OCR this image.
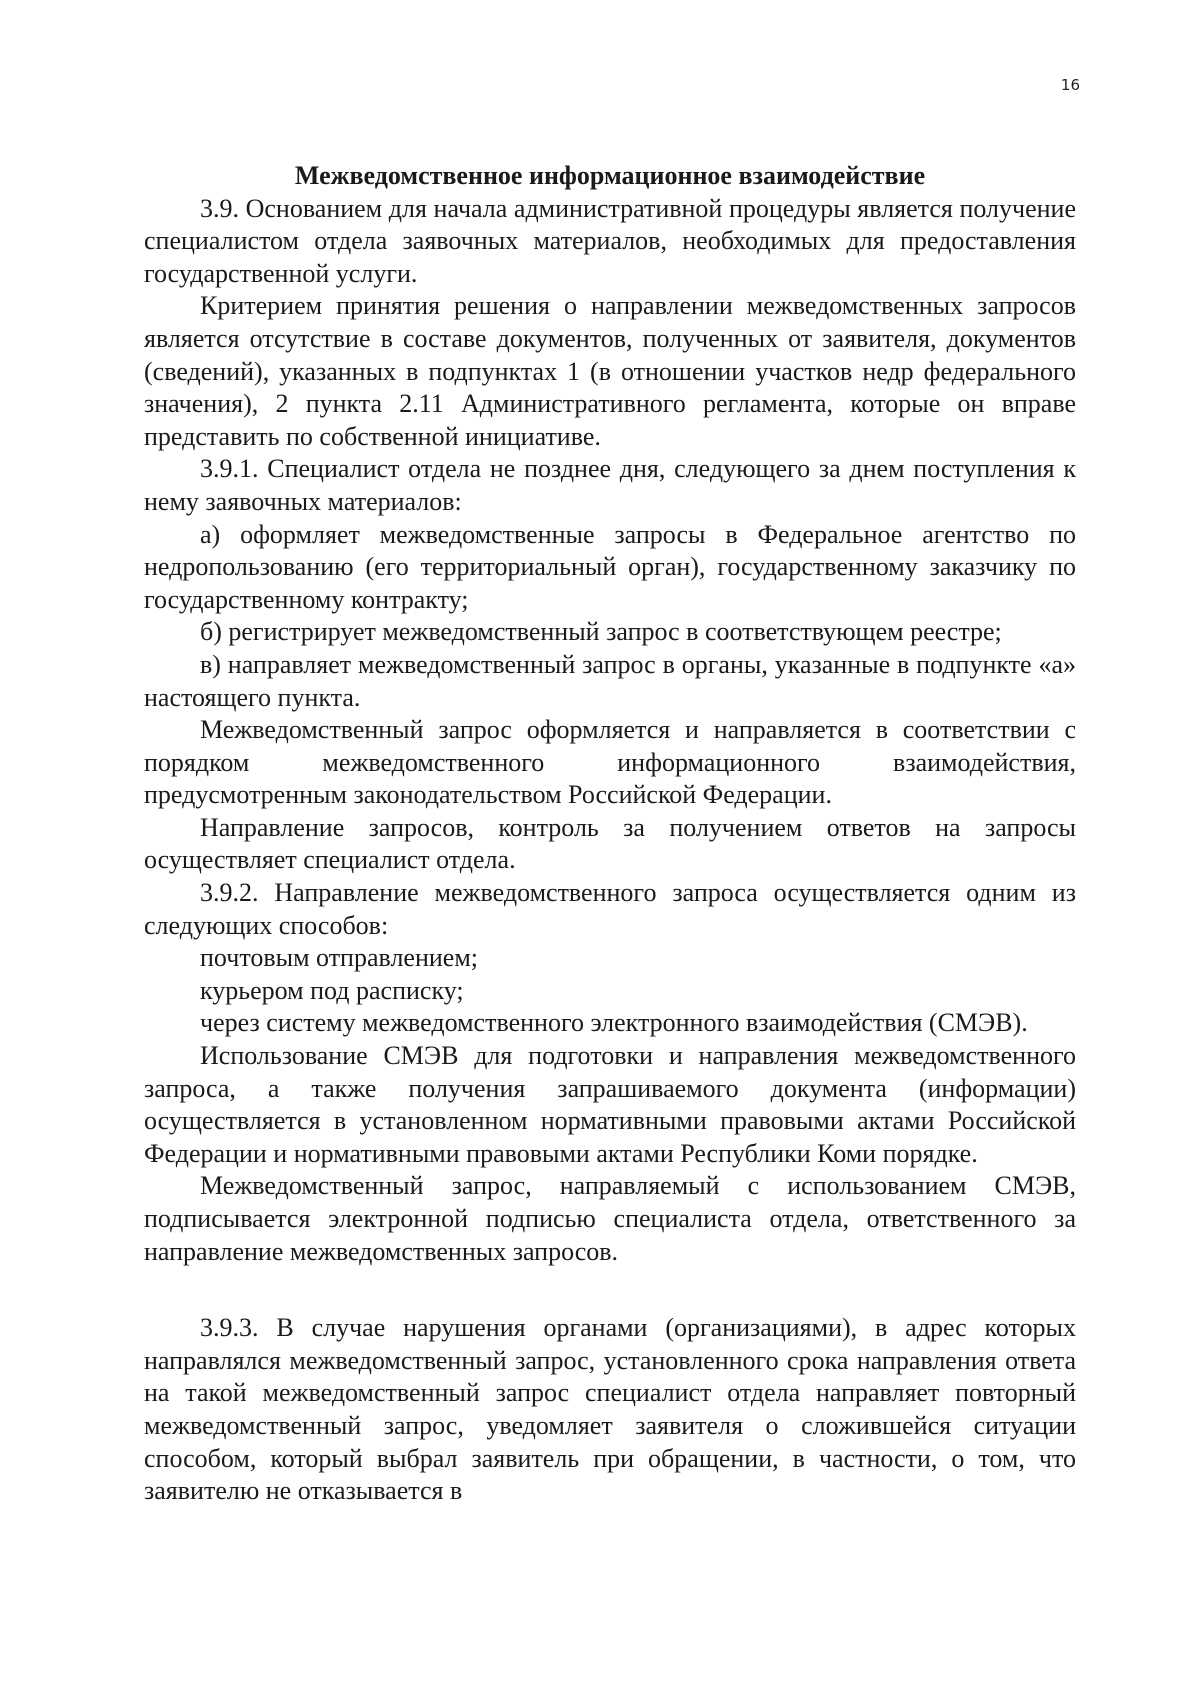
16

Межведомственное информационное взаимодействие

3.9. Основанием для начала административной процедуры является получение специалистом отдела заявочных материалов, необходимых для предоставления государственной услуги.

Критерием принятия решения о направлении межведомственных запросов является отсутствие в составе документов, полученных от заявителя, документов (сведений), указанных в подпунктах 1 (в отношении участков недр федерального значения), 2 пункта 2.11 Административного регламента, которые он вправе представить по собственной инициативе.

3.9.1. Специалист отдела не позднее дня, следующего за днем поступления к нему заявочных материалов:

а) оформляет межведомственные запросы в Федеральное агентство по недропользованию (его территориальный орган), государственному заказчику по государственному контракту;

б) регистрирует межведомственный запрос в соответствующем реестре;

в) направляет межведомственный запрос в органы, указанные в подпункте «а» настоящего пункта.

Межведомственный запрос оформляется и направляется в соответствии с порядком межведомственного информационного взаимодействия, предусмотренным законодательством Российской Федерации.

Направление запросов, контроль за получением ответов на запросы осуществляет специалист отдела.

3.9.2. Направление межведомственного запроса осуществляется одним из следующих способов:

почтовым отправлением;

курьером под расписку;

через систему межведомственного электронного взаимодействия (СМЭВ).

Использование СМЭВ для подготовки и направления межведомственного запроса, а также получения запрашиваемого документа (информации) осуществляется в установленном нормативными правовыми актами Российской Федерации и нормативными правовыми актами Республики Коми порядке.

Межведомственный запрос, направляемый с использованием СМЭВ, подписывается электронной подписью специалиста отдела, ответственного за направление межведомственных запросов.

3.9.3. В случае нарушения органами (организациями), в адрес которых направлялся межведомственный запрос, установленного срока направления ответа на такой межведомственный запрос специалист отдела направляет повторный межведомственный запрос, уведомляет заявителя о сложившейся ситуации способом, который выбрал заявитель при обращении, в частности, о том, что заявителю не отказывается в
